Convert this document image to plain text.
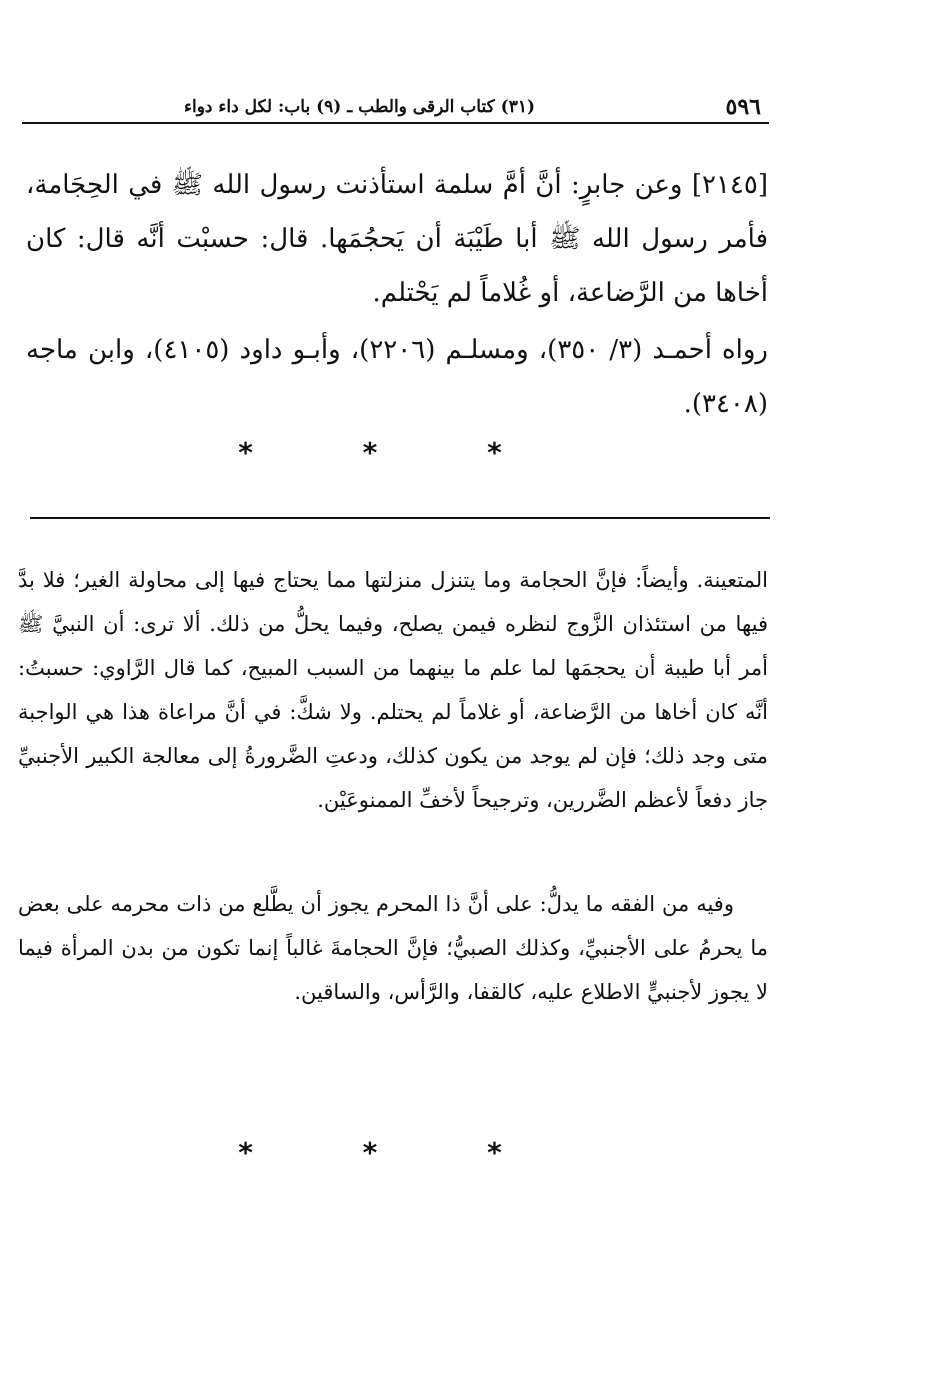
٥٩٦
(٣١) كتاب الرقى والطب ـ (٩) باب: لكل داء دواء

[٢١٤٥] وعن جابرٍ: أنَّ أمَّ سلمة استأذنت رسول الله ﷺ في الحِجَامة، فأمر رسول الله ﷺ أبا طَيْبَة أن يَحجُمَها. قال: حسبْت أنَّه قال: كان أخاها من الرَّضاعة، أو غُلاماً لم يَحْتلم.

رواه أحمـد (٣/ ٣٥٠)، ومسلـم (٢٢٠٦)، وأبـو داود (٤١٠٥)، وابن ماجه (٣٤٠٨).

* * *

المتعينة. وأيضاً: فإنَّ الحجامة وما يتنزل منزلتها مما يحتاج فيها إلى محاولة الغير؛ فلا بدَّ فيها من استئذان الزَّوج لنظره فيمن يصلح، وفيما يحلُّ من ذلك. ألا ترى: أن النبيَّ ﷺ أمر أبا طيبة أن يحجمَها لما علم ما بينهما من السبب المبيح، كما قال الرَّاوي: حسبتُ: أنَّه كان أخاها من الرَّضاعة، أو غلاماً لم يحتلم. ولا شكَّ: في أنَّ مراعاة هذا هي الواجبة متى وجد ذلك؛ فإن لم يوجد من يكون كذلك، ودعتِ الضَّرورةُ إلى معالجة الكبير الأجنبيِّ جاز دفعاً لأعظم الضَّررين، وترجيحاً لأخفِّ الممنوعَيْن.

وفيه من الفقه ما يدلُّ: على أنَّ ذا المحرم يجوز أن يطَّلع من ذات محرمه على بعض ما يحرمُ على الأجنبيِّ، وكذلك الصبيُّ؛ فإنَّ الحجامةَ غالباً إنما تكون من بدن المرأة فيما لا يجوز لأجنبيٍّ الاطلاع عليه، كالقفا، والرَّأس، والساقين.

* * *
